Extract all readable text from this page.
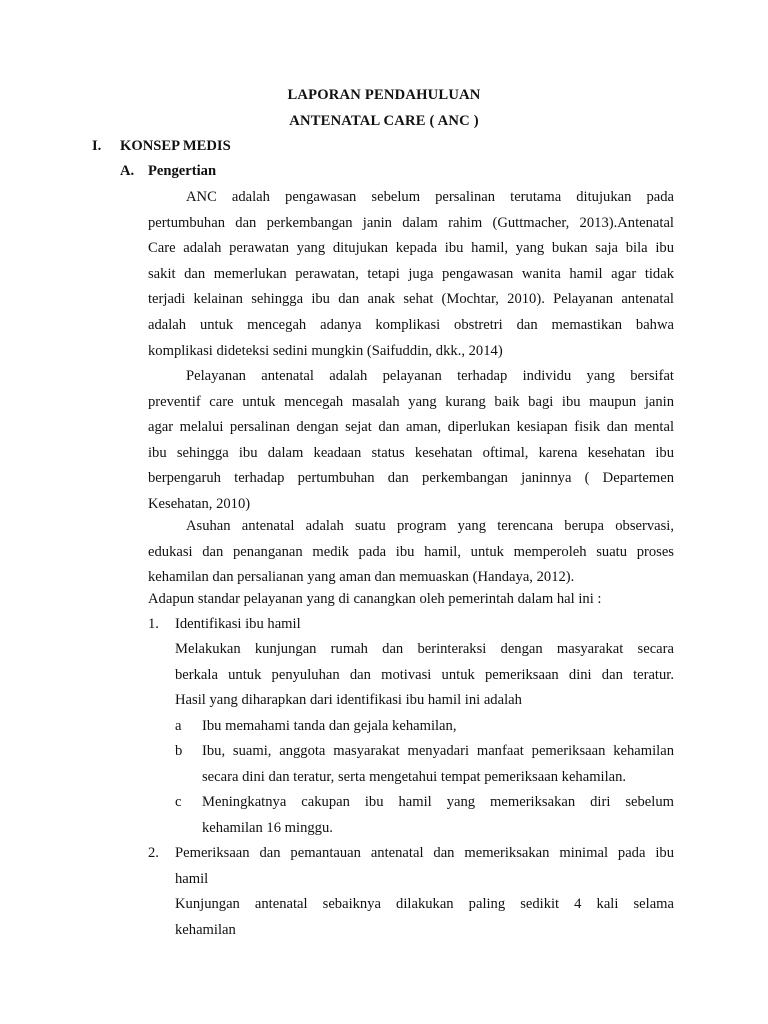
LAPORAN PENDAHULUAN
ANTENATAL CARE ( ANC )
I. KONSEP MEDIS
A. Pengertian
ANC adalah pengawasan sebelum persalinan terutama ditujukan pada
pertumbuhan dan perkembangan janin dalam rahim (Guttmacher, 2013).Antenatal
Care adalah perawatan yang ditujukan kepada ibu hamil, yang bukan saja bila ibu
sakit dan memerlukan perawatan, tetapi juga pengawasan wanita hamil agar tidak
terjadi kelainan sehingga ibu dan anak sehat (Mochtar, 2010). Pelayanan antenatal
adalah untuk mencegah adanya komplikasi obstretri dan memastikan bahwa
komplikasi dideteksi sedini mungkin (Saifuddin, dkk., 2014)
Pelayanan antenatal adalah pelayanan terhadap individu yang bersifat
preventif care untuk mencegah masalah yang kurang baik bagi ibu maupun janin
agar melalui persalinan dengan sejat dan aman, diperlukan kesiapan fisik dan mental
ibu sehingga ibu dalam keadaan status kesehatan oftimal, karena kesehatan ibu
berpengaruh terhadap pertumbuhan dan perkembangan janinnya ( Departemen
Kesehatan, 2010)
Asuhan antenatal adalah suatu program yang terencana berupa observasi,
edukasi dan penanganan medik pada ibu hamil, untuk memperoleh suatu proses
kehamilan dan persalianan yang aman dan memuaskan (Handaya, 2012).
Adapun standar pelayanan yang di canangkan oleh pemerintah dalam hal ini :
1. Identifikasi ibu hamil
Melakukan kunjungan rumah dan berinteraksi dengan masyarakat secara
berkala untuk penyuluhan dan motivasi untuk pemeriksaan dini dan teratur.
Hasil yang diharapkan dari identifikasi ibu hamil ini adalah
a Ibu memahami tanda dan gejala kehamilan,
b Ibu, suami, anggota masyarakat menyadari manfaat pemeriksaan kehamilan
secara dini dan teratur, serta mengetahui tempat pemeriksaan kehamilan.
c Meningkatnya cakupan ibu hamil yang memeriksakan diri sebelum
kehamilan 16 minggu.
2. Pemeriksaan dan pemantauan antenatal dan memeriksakan minimal pada ibu
hamil
Kunjungan antenatal sebaiknya dilakukan paling sedikit 4 kali selama
kehamilan
